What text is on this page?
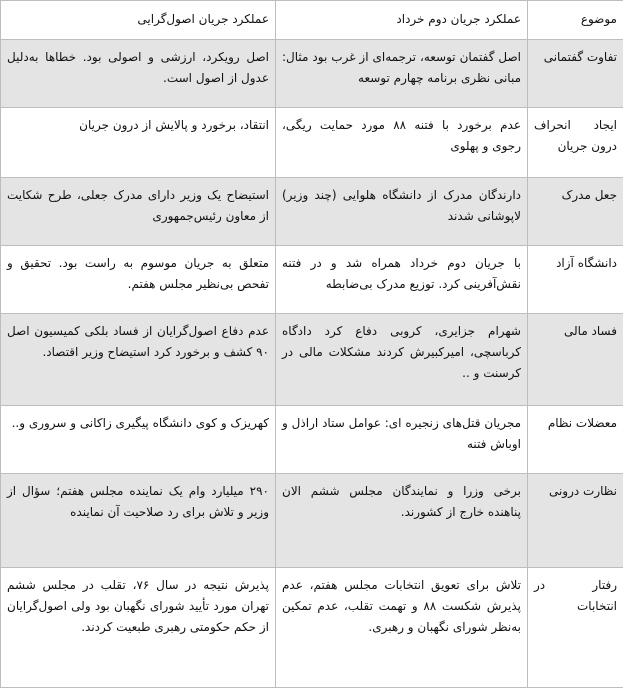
موضوع	عملکرد جریان دوم خرداد	عملکرد جریان اصول‌گرایی
تفاوت گفتمانی	اصل گفتمان توسعه، ترجمه‌ای از غرب بود مثال: مبانی نظری برنامه چهارم توسعه	اصل رویکرد، ارزشی و اصولی بود. خطاها به‌دلیل عدول از اصول است.
ایجاد انحراف درون جریان	عدم برخورد با فتنه ۸۸ مورد حمایت ریگی، رجوی و پهلوی	انتقاد، برخورد و پالایش از درون جریان
جعل مدرک	دارندگان مدرک از دانشگاه هلوایی (چند وزیر) لاپوشانی شدند	استیضاح یک وزیر دارای مدرک جعلی، طرح شکایت از معاون رئیس‌جمهوری
دانشگاه آزاد	با جریان دوم خرداد همراه شد و در فتنه نقش‌آفرینی کرد. توزیع مدرک بی‌ضابطه	متعلق به جریان موسوم به راست بود. تحقیق و تفحص بی‌نظیر مجلس هفتم.
فساد مالی	شهرام جزایری، کروبی دفاع کرد دادگاه کرباسچی، امیرکبیرش کردند مشکلات مالی در کرسنت و ..	عدم دفاع اصول‌گرایان از فساد بلکی کمیسیون اصل ۹۰ کشف و برخورد کرد استیضاح وزیر اقتصاد.
معضلات نظام	مجریان قتل‌های زنجیره ای: عوامل ستاد اراذل و اوباش فتنه	کهریزک و کوی دانشگاه پیگیری زاکانی و سروری و..
نظارت درونی	برخی وزرا و نمایندگان مجلس ششم الان پناهنده خارج از کشورند.	۲۹۰ میلیارد وام یک نماینده مجلس هفتم؛ سؤال از وزیر و تلاش برای رد صلاحیت آن نماینده
رفتار در انتخابات	تلاش برای تعویق انتخابات مجلس هفتم، عدم پذیرش شکست ۸۸ و تهمت تقلب، عدم تمکین به‌نظر شورای نگهبان و رهبری.	پذیرش نتیجه در سال ۷۶، تقلب در مجلس ششم تهران مورد تأیید شورای نگهبان بود ولی اصول‌گرایان از حکم حکومتی رهبری طبعیت کردند.
